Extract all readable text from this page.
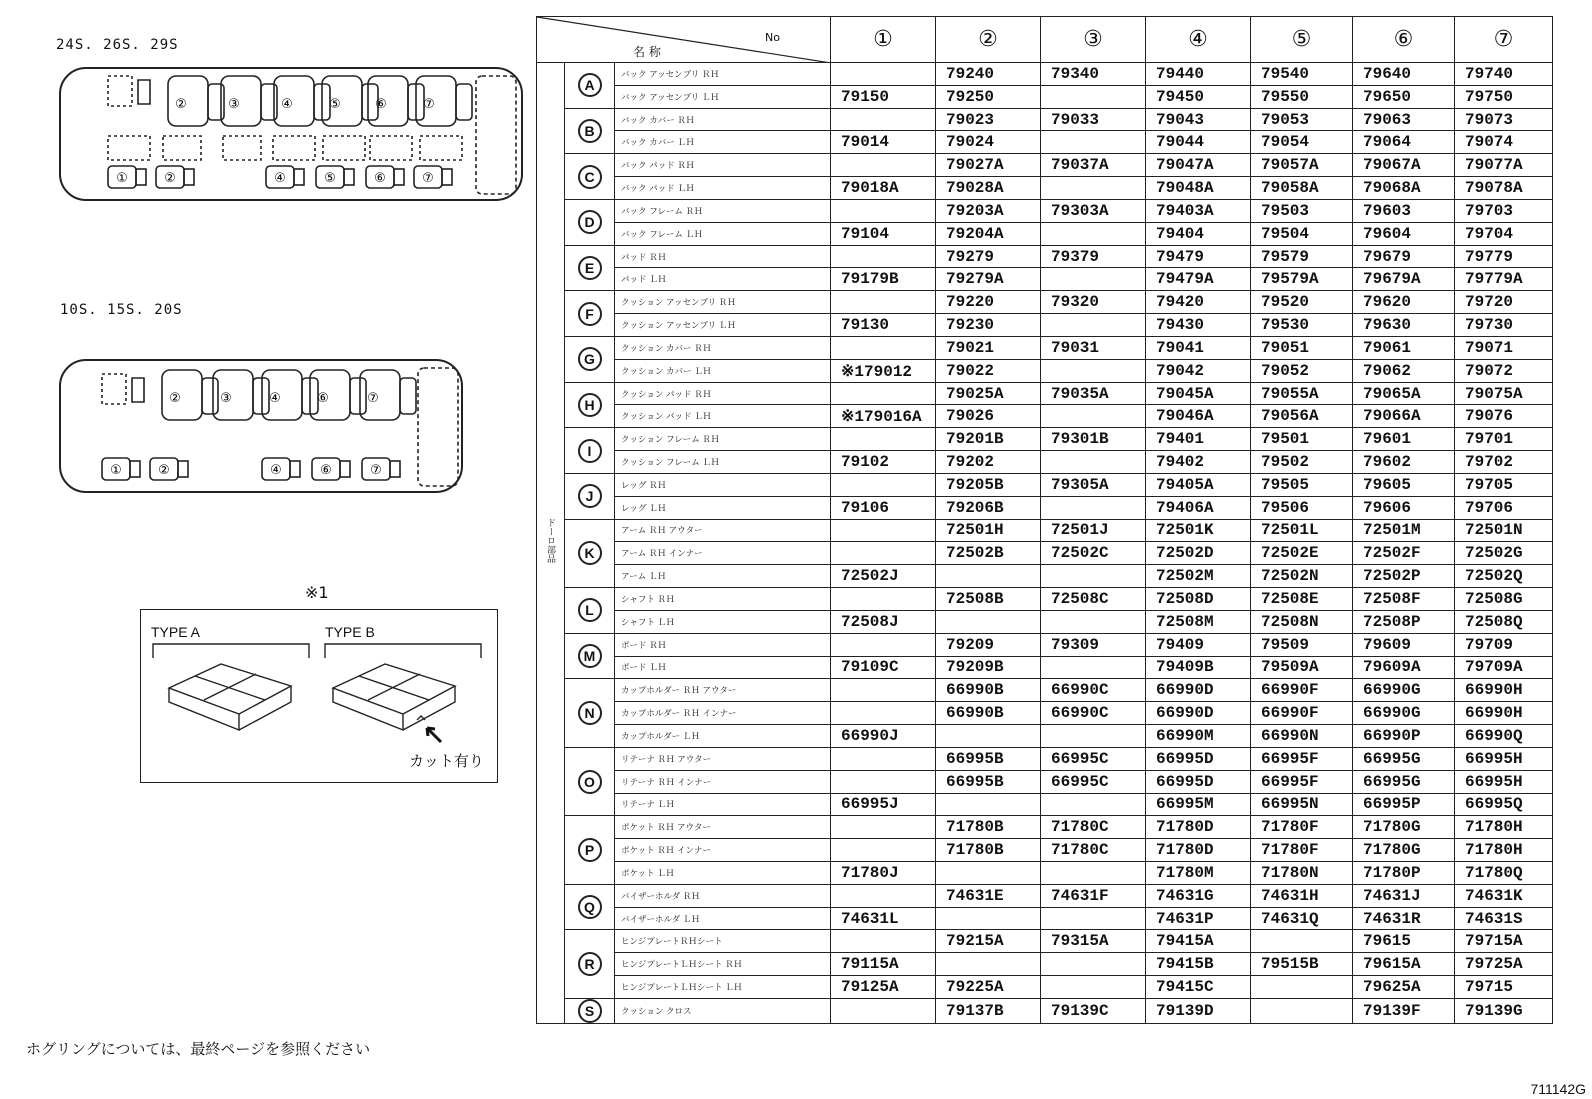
24S. 26S. 29S
②	③	④	⑤	⑥	⑦
①	②	④	⑤	⑥	⑦
10S. 15S. 20S
②	③	④	⑥	⑦
①	②	④	⑥	⑦
※1
TYPE A	TYPE B
カット有り
ホグリングについては、最終ページを参照ください
711142G
名 称
No			①	②	③	④	⑤	⑥	⑦
ドーロ部品	A	バック アッセンブリ ＲＨ		79240	79340	79440	79540	79640	79740
		バック アッセンブリ ＬＨ	79150	79250		79450	79550	79650	79750
	B	バック カバー ＲＨ		79023	79033	79043	79053	79063	79073
		バック カバー ＬＨ	79014	79024		79044	79054	79064	79074
	C	バック パッド ＲＨ		79027A	79037A	79047A	79057A	79067A	79077A
		バック パッド ＬＨ	79018A	79028A		79048A	79058A	79068A	79078A
	D	バック フレーム ＲＨ		79203A	79303A	79403A	79503	79603	79703
		バック フレーム ＬＨ	79104	79204A		79404	79504	79604	79704
	E	パッド ＲＨ		79279	79379	79479	79579	79679	79779
		パッド ＬＨ	79179B	79279A		79479A	79579A	79679A	79779A
	F	クッション アッセンブリ ＲＨ		79220	79320	79420	79520	79620	79720
		クッション アッセンブリ ＬＨ	79130	79230		79430	79530	79630	79730
	G	クッション カバー ＲＨ		79021	79031	79041	79051	79061	79071
		クッション カバー ＬＨ	※179012	79022		79042	79052	79062	79072
	H	クッション パッド ＲＨ		79025A	79035A	79045A	79055A	79065A	79075A
		クッション パッド ＬＨ	※179016A	79026		79046A	79056A	79066A	79076
	I	クッション フレーム ＲＨ		79201B	79301B	79401	79501	79601	79701
		クッション フレーム ＬＨ	79102	79202		79402	79502	79602	79702
	J	レッグ ＲＨ		79205B	79305A	79405A	79505	79605	79705
		レッグ ＬＨ	79106	79206B		79406A	79506	79606	79706
	K	アーム ＲＨ アウター		72501H	72501J	72501K	72501L	72501M	72501N
		アーム ＲＨ インナー		72502B	72502C	72502D	72502E	72502F	72502G
		アーム ＬＨ	72502J			72502M	72502N	72502P	72502Q
	L	シャフト ＲＨ		72508B	72508C	72508D	72508E	72508F	72508G
		シャフト ＬＨ	72508J			72508M	72508N	72508P	72508Q
	M	ボード ＲＨ		79209	79309	79409	79509	79609	79709
		ボード ＬＨ	79109C	79209B		79409B	79509A	79609A	79709A
	N	カップホルダー ＲＨ アウター		66990B	66990C	66990D	66990F	66990G	66990H
		カップホルダー ＲＨ インナー		66990B	66990C	66990D	66990F	66990G	66990H
		カップホルダー ＬＨ	66990J			66990M	66990N	66990P	66990Q
	O	リテーナ ＲＨ アウター		66995B	66995C	66995D	66995F	66995G	66995H
		リテーナ ＲＨ インナー		66995B	66995C	66995D	66995F	66995G	66995H
		リテーナ ＬＨ	66995J			66995M	66995N	66995P	66995Q
	P	ポケット ＲＨ アウター		71780B	71780C	71780D	71780F	71780G	71780H
		ポケット ＲＨ インナー		71780B	71780C	71780D	71780F	71780G	71780H
		ポケット ＬＨ	71780J			71780M	71780N	71780P	71780Q
	Q	バイザーホルダ ＲＨ		74631E	74631F	74631G	74631H	74631J	74631K
		バイザーホルダ ＬＨ	74631L			74631P	74631Q	74631R	74631S
	R	ヒンジプレートＲＨシート		79215A	79315A	79415A		79615	79715A
		ヒンジプレートＬＨシート ＲＨ	79115A			79415B	79515B	79615A	79725A
		ヒンジプレートＬＨシート ＬＨ	79125A	79225A		79415C		79625A	79715
	S	クッション クロス		79137B	79139C	79139D		79139F	79139G
